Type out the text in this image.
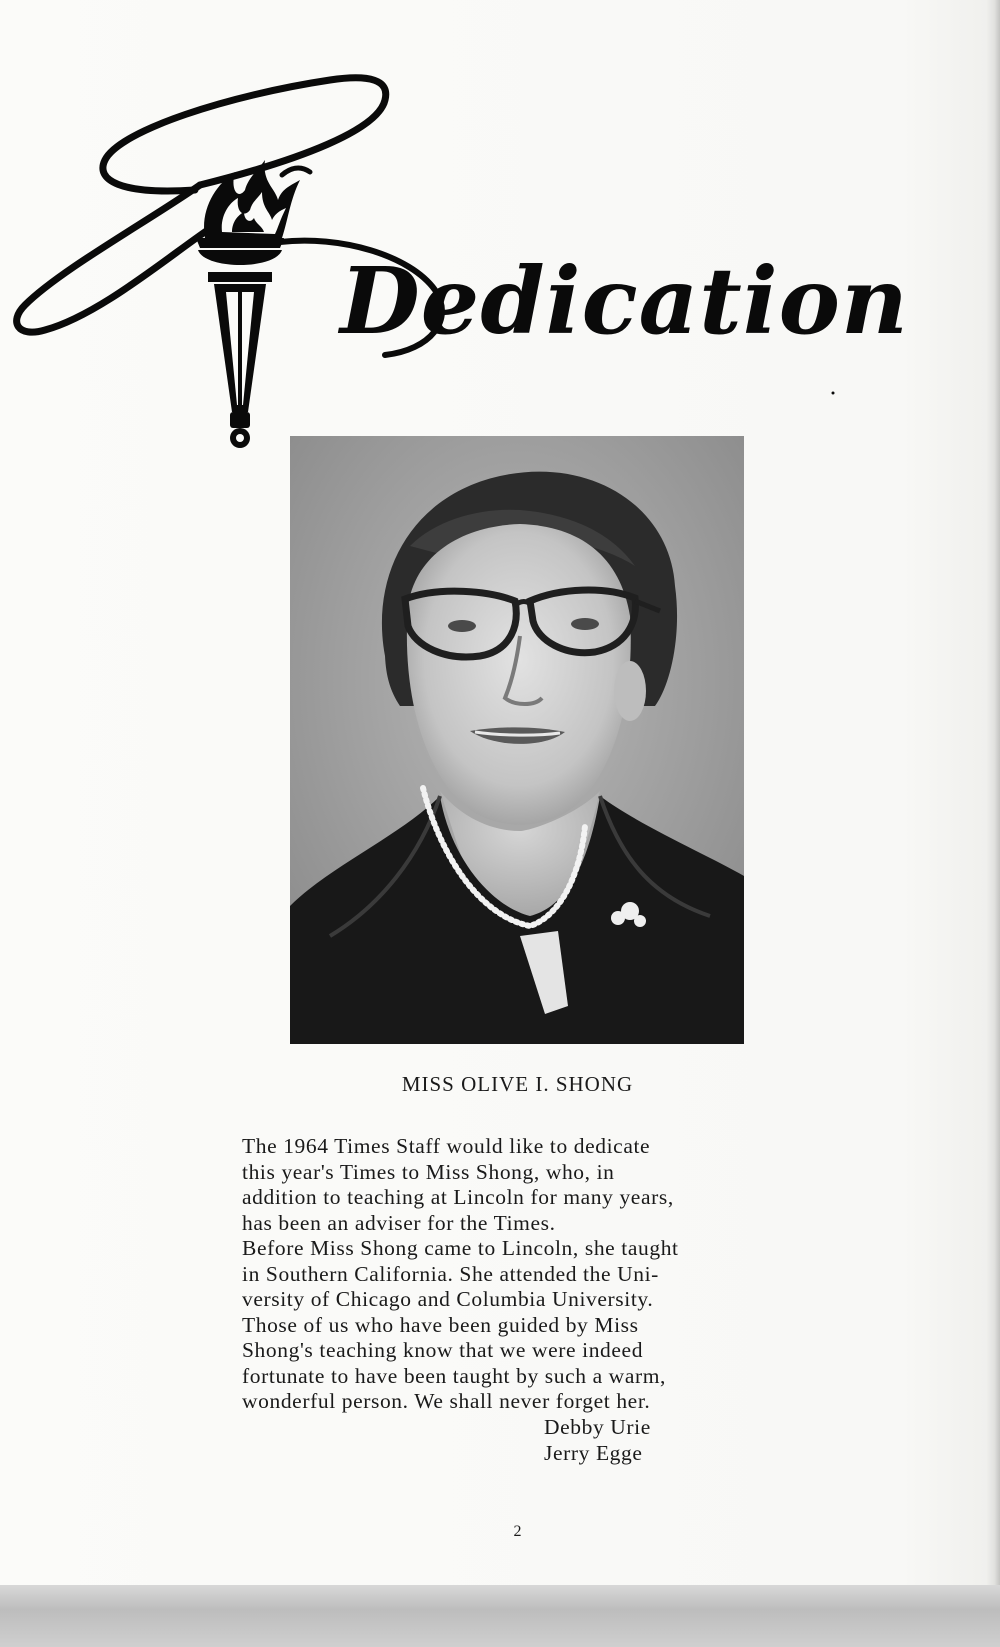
Dedication
MISS OLIVE I. SHONG
The 1964 Times Staff would like to dedicate
this year's Times to Miss Shong, who, in
addition to teaching at Lincoln for many years,
has been an adviser for the Times.
Before Miss Shong came to Lincoln, she taught
in Southern California. She attended the Uni-
versity of Chicago and Columbia University.
Those of us who have been guided by Miss
Shong's teaching know that we were indeed
fortunate to have been taught by such a warm,
wonderful person. We shall never forget her.
Debby Urie
Jerry Egge
2
